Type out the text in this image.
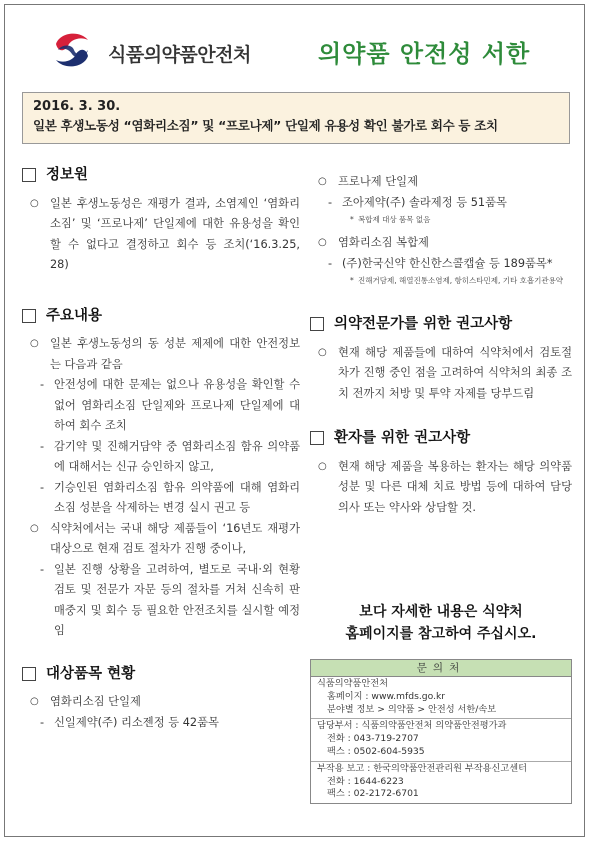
식품의약품안전처	의약품 안전성 서한
2016. 3. 30.
일본 후생노동성 “염화리소짐” 및 “프로나제” 단일제 유용성 확인 불가로 회수 등 조치
정보원
○ 일본 후생노동성은 재평가 결과, 소염제인 ‘염화리소짐’ 및 ‘프로나제’ 단일제에 대한 유용성을 확인할 수 없다고 결정하고 회수 등 조치(‘16.3.25, 28)
주요내용
○ 일본 후생노동성의 동 성분 제제에 대한 안전정보는 다음과 같음
- 안전성에 대한 문제는 없으나 유용성을 확인할 수 없어 염화리소짐 단일제와 프로나제 단일제에 대하여 회수 조치
- 감기약 및 진해거담약 중 염화리소짐 함유 의약품에 대해서는 신규 승인하지 않고,
- 기승인된 염화리소짐 함유 의약품에 대해 염화리소짐 성분을 삭제하는 변경 실시 권고 등
○ 식약처에서는 국내 해당 제품들이 ‘16년도 재평가 대상으로 현재 검토 절차가 진행 중이나,
- 일본 진행 상황을 고려하여, 별도로 국내·외 현황 검토 및 전문가 자문 등의 절차를 거쳐 신속히 판매중지 및 회수 등 필요한 안전조치를 실시할 예정임
대상품목 현황
○ 염화리소짐 단일제
- 신일제약(주) 리소젠정 등 42품목
○ 프로나제 단일제
- 조아제약(주) 솔라제정 등 51품목
* 복합제 대상 품목 없음
○ 염화리소짐 복합제
- (주)한국신약 한신한스콜캡슐 등 189품목*
* 진해거담제, 해열진통소염제, 항히스타민제, 기타 호흡기관용약
의약전문가를 위한 권고사항
○ 현재 해당 제품들에 대하여 식약처에서 검토절차가 진행 중인 점을 고려하여 식약처의 최종 조치 전까지 처방 및 투약 자제를 당부드림
환자를 위한 권고사항
○ 현재 해당 제품을 복용하는 환자는 해당 의약품 성분 및 다른 대체 치료 방법 등에 대하여 담당 의사 또는 약사와 상담할 것.
보다 자세한 내용은 식약처
홈페이지를 참고하여 주십시오.
문의처
식품의약품안전처
홈페이지 : www.mfds.go.kr
분야별 정보 > 의약품 > 안전성 서한/속보
담당부서 : 식품의약품안전처 의약품안전평가과
전화 : 043-719-2707
팩스 : 0502-604-5935
부작용 보고 : 한국의약품안전관리원 부작용신고센터
전화 : 1644-6223
팩스 : 02-2172-6701
